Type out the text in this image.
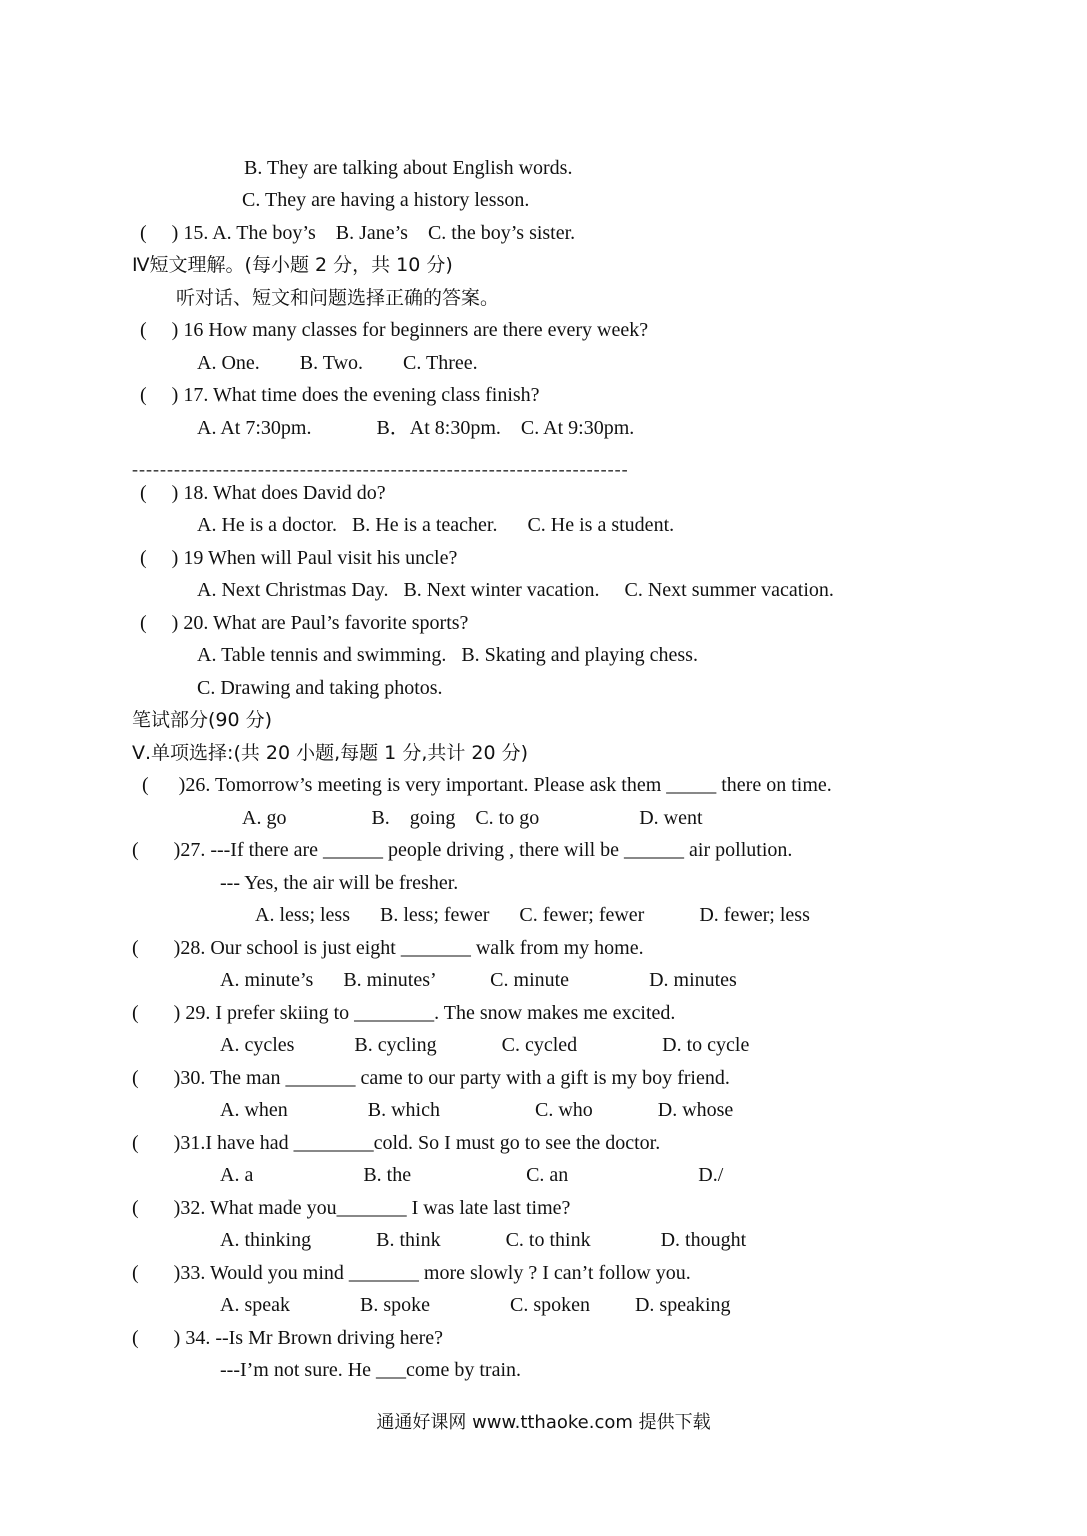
B. They are talking about English words.
C. They are having a history lesson.
(     ) 15. A. The boy’s    B. Jane’s    C. the boy’s sister.
Ⅳ短文理解。(每小题 2 分，共 10 分)
听对话、短文和问题选择正确的答案。
(     ) 16 How many classes for beginners are there every week?
A. One.        B. Two.        C. Three.
(     ) 17. What time does the evening class finish?
A. At 7:30pm.             B．At 8:30pm.    C. At 9:30pm.
-----------------------------------------------------------------------
(     ) 18. What does David do?
A. He is a doctor.   B. He is a teacher.      C. He is a student.
(     ) 19 When will Paul visit his uncle?
A. Next Christmas Day.   B. Next winter vacation.     C. Next summer vacation.
(     ) 20. What are Paul’s favorite sports?
A. Table tennis and swimming.   B. Skating and playing chess.
C. Drawing and taking photos.
笔试部分(90 分)
Ⅴ.单项选择:(共 20 小题,每题 1 分,共计 20 分)
(      )26. Tomorrow’s meeting is very important. Please ask them _____ there on time.
A. go                 B.    going    C. to go                    D. went
(       )27. ---If there are ______ people driving , there will be ______ air pollution.
--- Yes, the air will be fresher.
A. less; less      B. less; fewer      C. fewer; fewer           D. fewer; less
(       )28. Our school is just eight _______ walk from my home.
A. minute’s      B. minutes’           C. minute                D. minutes
(       ) 29. I prefer skiing to ________. The snow makes me excited.
A. cycles            B. cycling             C. cycled                 D. to cycle
(       )30. The man _______ came to our party with a gift is my boy friend.
A. when                B. which                   C. who             D. whose
(       )31.I have had ________cold. So I must go to see the doctor.
A. a                      B. the                       C. an                          D./
(       )32. What made you_______ I was late last time?
A. thinking             B. think             C. to think              D. thought
(       )33. Would you mind _______ more slowly ? I can’t follow you.
A. speak              B. spoke                C. spoken         D. speaking
(       ) 34. --Is Mr Brown driving here?
---I’m not sure. He ___come by train.
通通好课网 www.tthaoke.com 提供下载
